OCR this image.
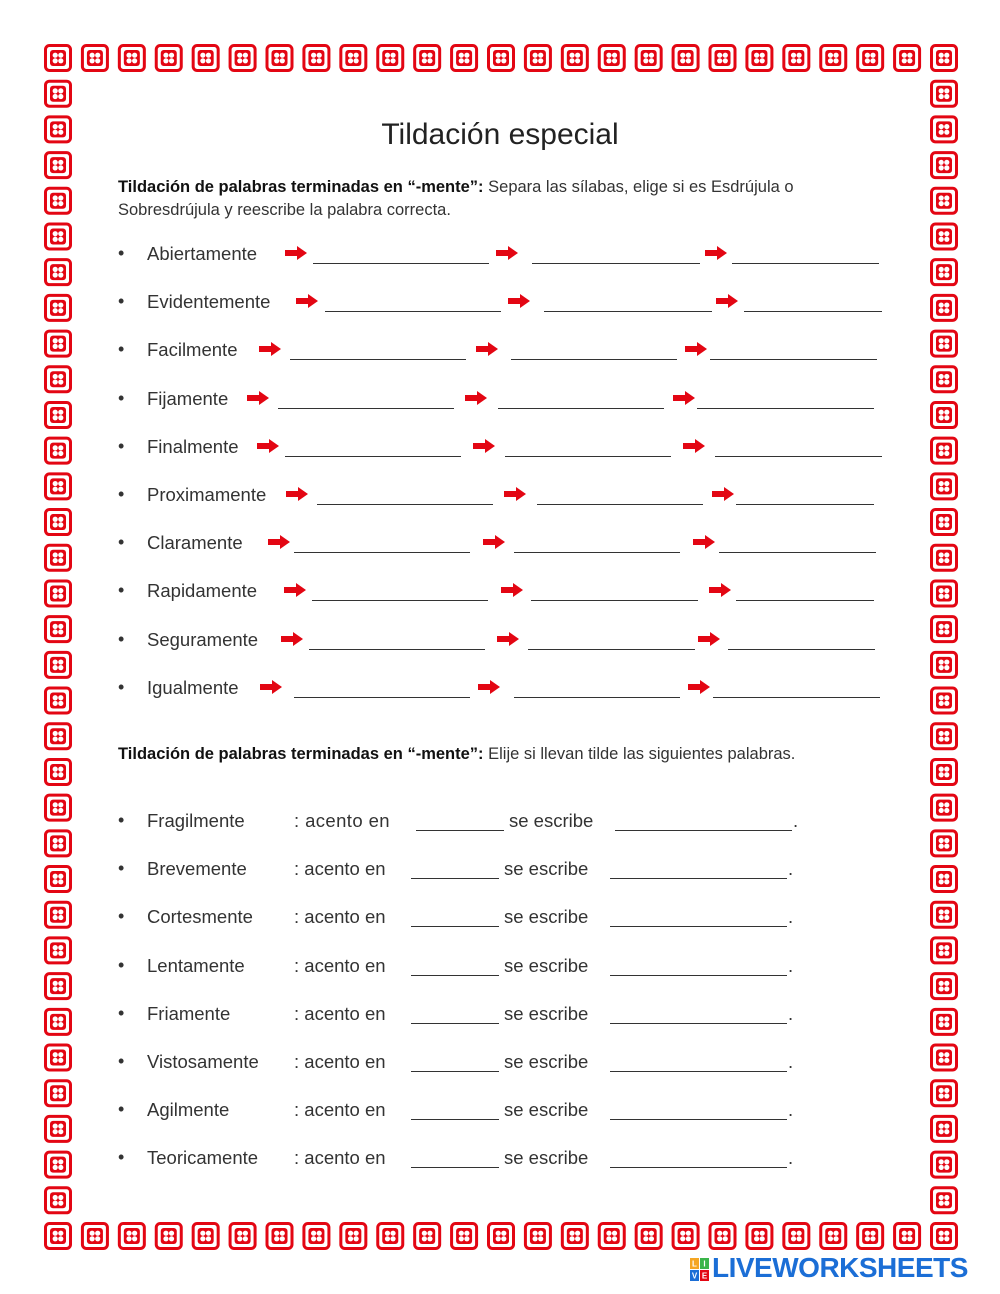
Tildación especial
Tildación de palabras terminadas en “-mente”: Separa las sílabas, elige si es Esdrújula o Sobresdrújula y reescribe la palabra correcta.
• Abiertamente
• Evidentemente
• Facilmente
• Fijamente
• Finalmente
• Proximamente
• Claramente
• Rapidamente
• Seguramente
• Igualmente
Tildación de palabras terminadas en “-mente”: Elije si llevan tilde las siguientes palabras.
• Fragilmente	: acento en	se escribe	.
• Brevemente	: acento en	se escribe	.
• Cortesmente : acento en	se escribe	.
• Lentamente	: acento en	se escribe	.
• Friamente	: acento en	se escribe	.
• Vistosamente : acento en	se escribe	.
• Agilmente	: acento en	se escribe	.
• Teoricamente : acento en	se escribe	.
L I
V E LIVEWORKSHEETS
